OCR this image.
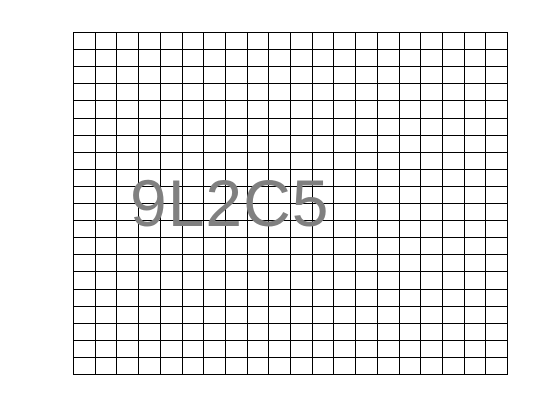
9L2C5
